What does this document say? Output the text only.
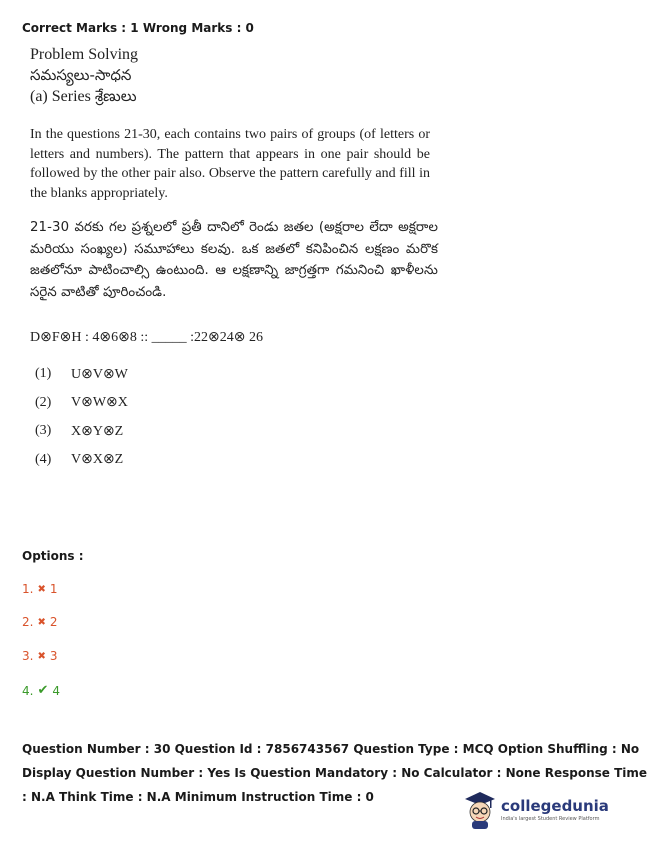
Correct Marks : 1 Wrong Marks : 0
Problem Solving
సమస్యలు-సాధన
(a) Series శ్రేణులు
In the questions 21-30, each contains two pairs of groups (of letters or letters and numbers). The pattern that appears in one pair should be followed by the other pair also. Observe the pattern carefully and fill in the blanks appropriately.
21-30 వరకు గల ప్రశ్నలలో ప్రతీ దానిలో రెండు జతల (అక్షరాల లేదా అక్షరాల మరియు సంఖ్యల) సమూహాలు కలవు. ఒక జతలో కనిపించిన లక్షణం మరొక జతలోనూ పాటించాల్సి ఉంటుంది. ఆ లక్షణాన్ని జాగ్రత్తగా గమనించి ఖాళీలను సరైన వాటితో పూరించండి.
D⊗F⊗H : 4⊗6⊗8 :: _____ :22⊗24⊗ 26
(1)	U⊗V⊗W
(2)	V⊗W⊗X
(3)	X⊗Y⊗Z
(4)	V⊗X⊗Z
Options :
1. ✖ 1
2. ✖ 2
3. ✖ 3
4. ✔ 4
Question Number : 30 Question Id : 7856743567 Question Type : MCQ Option Shuffling : No
Display Question Number : Yes Is Question Mandatory : No Calculator : None Response Time
: N.A Think Time : N.A Minimum Instruction Time : 0	collegedunia
India's largest Student Review Platform
